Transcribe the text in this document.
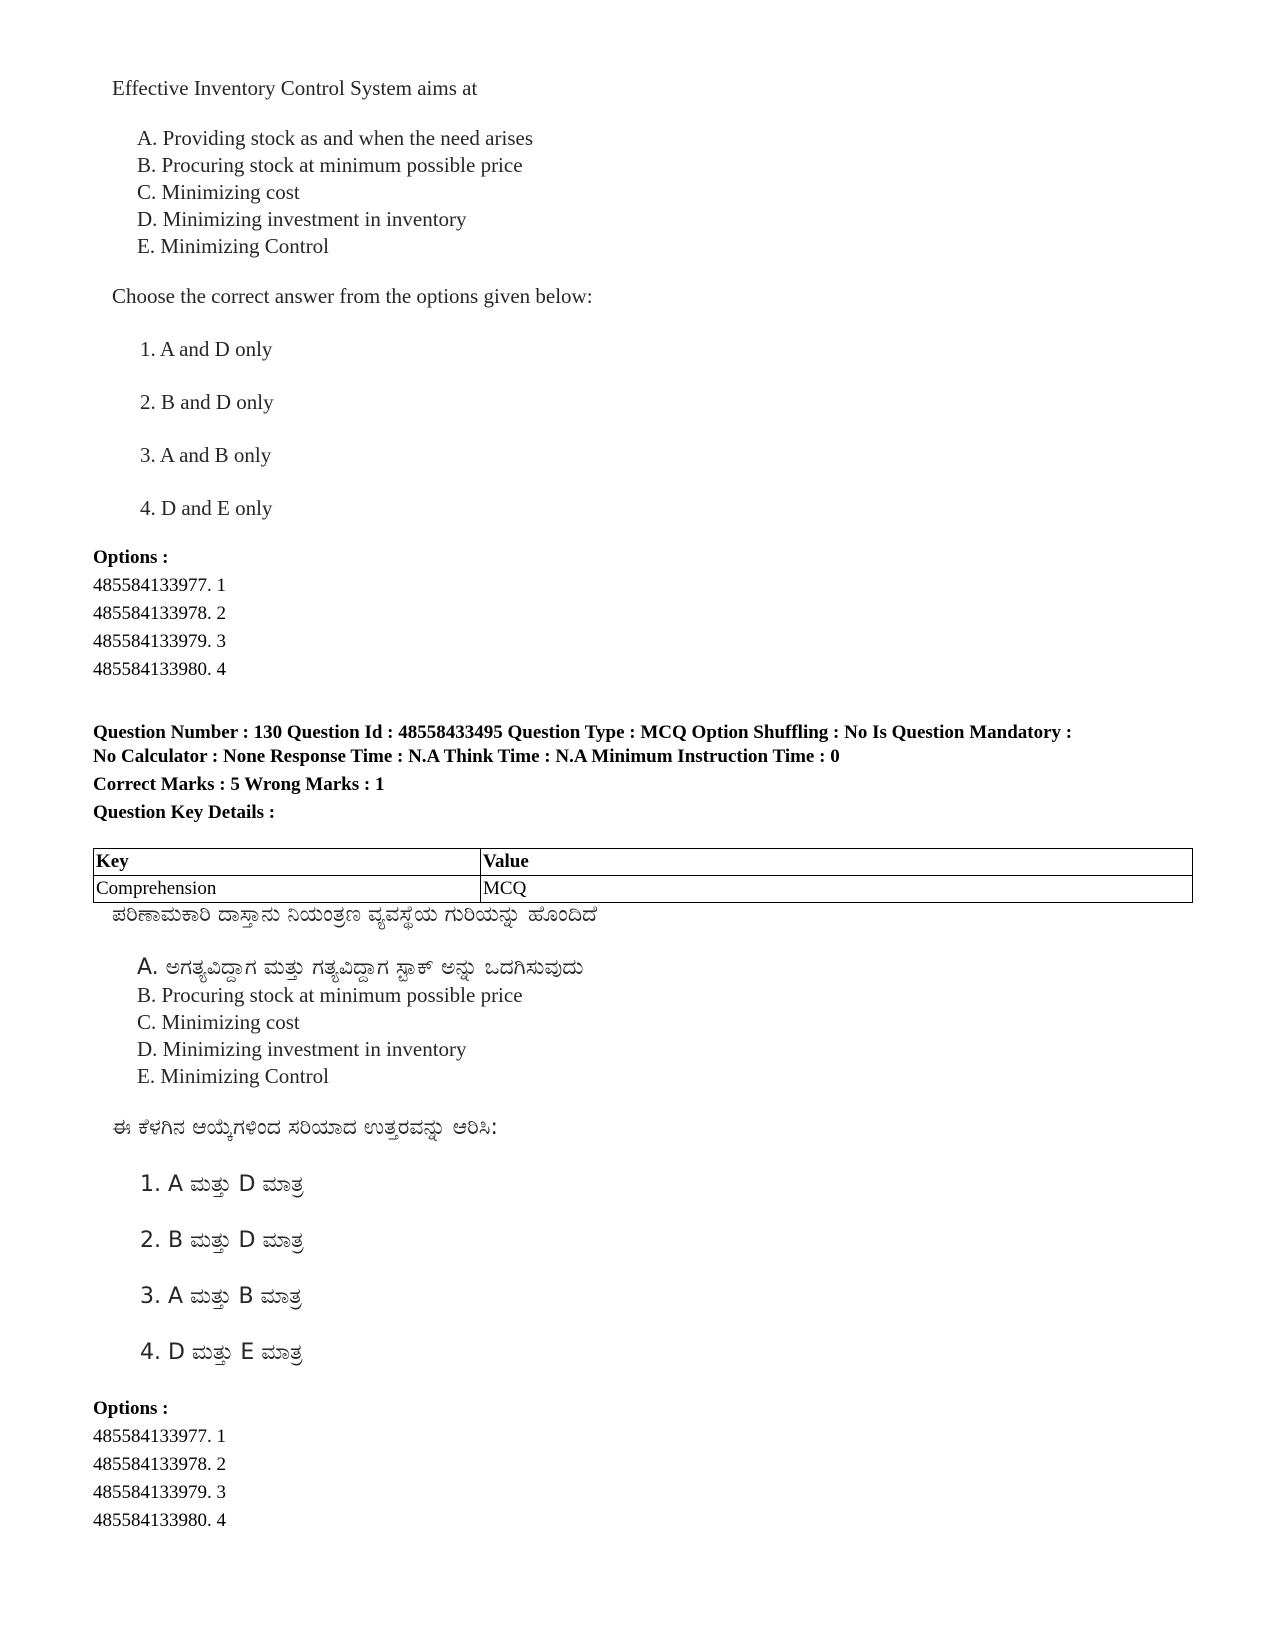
Effective Inventory Control System aims at
A. Providing stock as and when the need arises
B. Procuring stock at minimum possible price
C. Minimizing cost
D. Minimizing investment in inventory
E. Minimizing Control
Choose the correct answer from the options given below:
1. A and D only
2. B and D only
3. A and B only
4. D and E only
Options :
485584133977. 1
485584133978. 2
485584133979. 3
485584133980. 4
Question Number : 130 Question Id : 48558433495 Question Type : MCQ Option Shuffling : No Is Question Mandatory :
No Calculator : None Response Time : N.A Think Time : N.A Minimum Instruction Time : 0
Correct Marks : 5 Wrong Marks : 1
Question Key Details :
Key	Value
Comprehension	MCQ
ಪರಿಣಾಮಕಾರಿ ದಾಸ್ತಾನು ನಿಯಂತ್ರಣ ವ್ಯವಸ್ಥೆಯ ಗುರಿಯನ್ನು ಹೊಂದಿದೆ
A. ಅಗತ್ಯವಿದ್ದಾಗ ಮತ್ತು ಗತ್ಯವಿದ್ದಾಗ ಸ್ಟಾಕ್ ಅನ್ನು ಒದಗಿಸುವುದು
B. Procuring stock at minimum possible price
C. Minimizing cost
D. Minimizing investment in inventory
E. Minimizing Control
ಈ ಕೆಳಗಿನ ಆಯ್ಕೆಗಳಿಂದ ಸರಿಯಾದ ಉತ್ತರವನ್ನು ಆರಿಸಿ:
1. A ಮತ್ತು D ಮಾತ್ರ
2. B ಮತ್ತು D ಮಾತ್ರ
3. A ಮತ್ತು B ಮಾತ್ರ
4. D ಮತ್ತು E ಮಾತ್ರ
Options :
485584133977. 1
485584133978. 2
485584133979. 3
485584133980. 4
